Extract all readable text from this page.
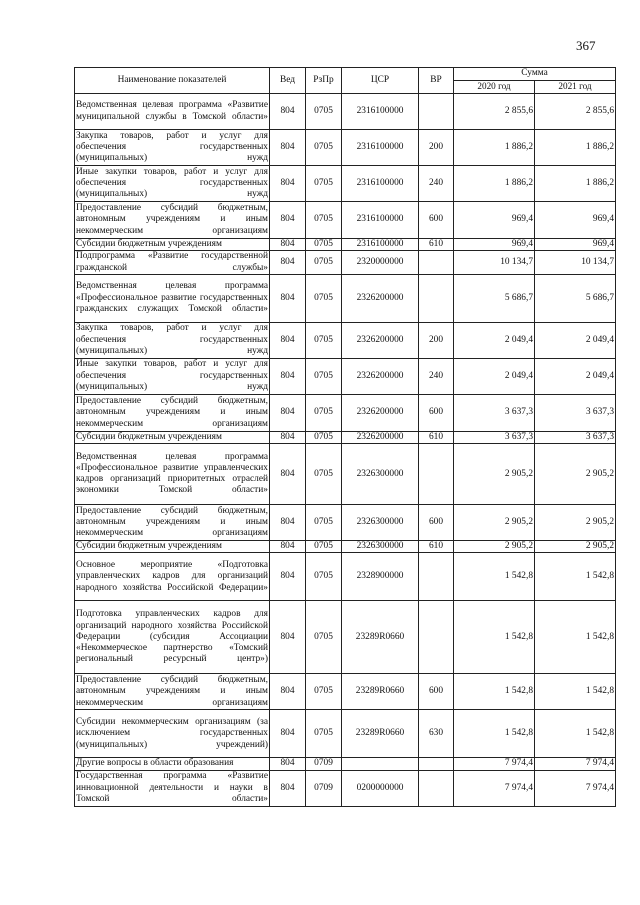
367
Наименование показателей	Вед	РзПр	ЦСР	ВР	Сумма	
					2020 год	2021 год
Ведомственная целевая программа «Развитие муниципальной службы в Томской области»	804	0705	2316100000		2 855,6	2 855,6
Закупка товаров, работ и услуг для обеспечения государственных (муниципальных) нужд	804	0705	2316100000	200	1 886,2	1 886,2
Иные закупки товаров, работ и услуг для обеспечения государственных (муниципальных) нужд	804	0705	2316100000	240	1 886,2	1 886,2
Предоставление субсидий бюджетным, автономным учреждениям и иным некоммерческим организациям	804	0705	2316100000	600	969,4	969,4
Субсидии бюджетным учреждениям	804	0705	2316100000	610	969,4	969,4
Подпрограмма «Развитие государственной гражданской службы»	804	0705	2320000000		10 134,7	10 134,7
Ведомственная целевая программа «Профессиональное развитие государственных гражданских служащих Томской области»	804	0705	2326200000		5 686,7	5 686,7
Закупка товаров, работ и услуг для обеспечения государственных (муниципальных) нужд	804	0705	2326200000	200	2 049,4	2 049,4
Иные закупки товаров, работ и услуг для обеспечения государственных (муниципальных) нужд	804	0705	2326200000	240	2 049,4	2 049,4
Предоставление субсидий бюджетным, автономным учреждениям и иным некоммерческим организациям	804	0705	2326200000	600	3 637,3	3 637,3
Субсидии бюджетным учреждениям	804	0705	2326200000	610	3 637,3	3 637,3
Ведомственная целевая программа «Профессиональное развитие управленческих кадров организаций приоритетных отраслей экономики Томской области»	804	0705	2326300000		2 905,2	2 905,2
Предоставление субсидий бюджетным, автономным учреждениям и иным некоммерческим организациям	804	0705	2326300000	600	2 905,2	2 905,2
Субсидии бюджетным учреждениям	804	0705	2326300000	610	2 905,2	2 905,2
Основное мероприятие «Подготовка управленческих кадров для организаций народного хозяйства Российской Федерации»	804	0705	2328900000		1 542,8	1 542,8
Подготовка управленческих кадров для организаций народного хозяйства Российской Федерации (субсидия Ассоциации «Некоммерческое партнерство «Томский региональный ресурсный центр»)	804	0705	23289R0660		1 542,8	1 542,8
Предоставление субсидий бюджетным, автономным учреждениям и иным некоммерческим организациям	804	0705	23289R0660	600	1 542,8	1 542,8
Субсидии некоммерческим организациям (за исключением государственных (муниципальных) учреждений)	804	0705	23289R0660	630	1 542,8	1 542,8
Другие вопросы в области образования	804	0709			7 974,4	7 974,4
Государственная программа «Развитие инновационной деятельности и науки в Томской области»	804	0709	0200000000		7 974,4	7 974,4
